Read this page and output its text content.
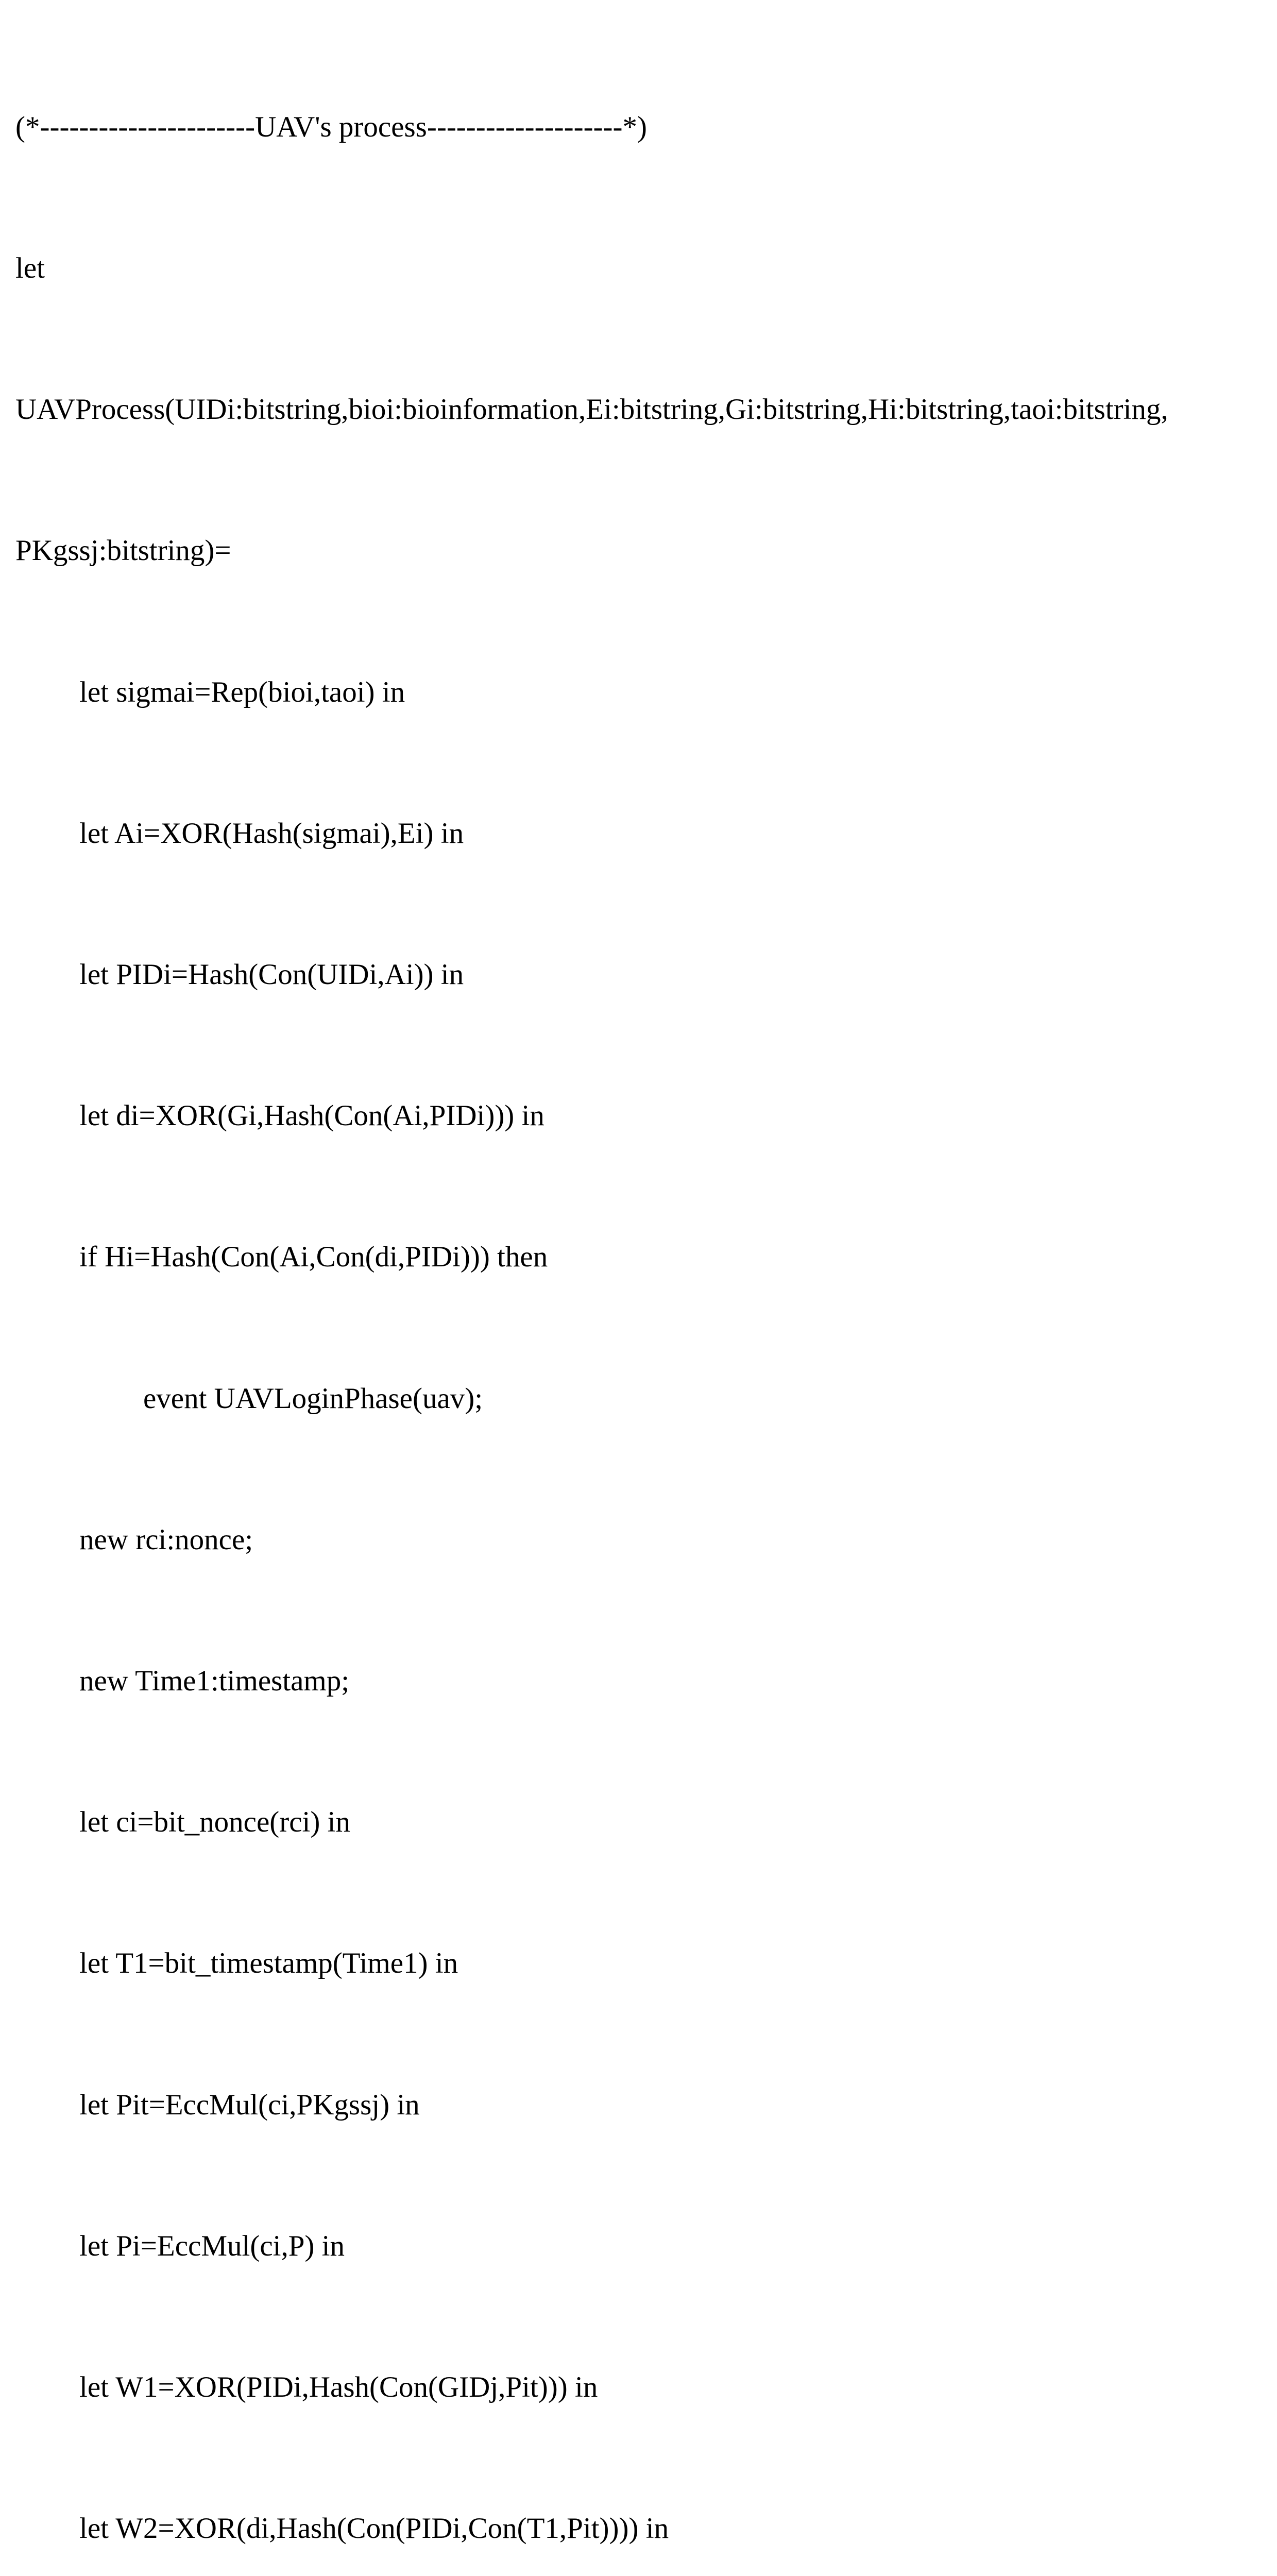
(*----------------------UAV's process--------------------*)

let

UAVProcess(UIDi:bitstring,bioi:bioinformation,Ei:bitstring,Gi:bitstring,Hi:bitstring,taoi:bitstring,

PKgssj:bitstring)=

let sigmai=Rep(bioi,taoi) in

let Ai=XOR(Hash(sigmai),Ei) in

let PIDi=Hash(Con(UIDi,Ai)) in

let di=XOR(Gi,Hash(Con(Ai,PIDi))) in

if Hi=Hash(Con(Ai,Con(di,PIDi))) then

event UAVLoginPhase(uav);

new rci:nonce;

new Time1:timestamp;

let ci=bit_nonce(rci) in

let T1=bit_timestamp(Time1) in

let Pit=EccMul(ci,PKgssj) in

let Pi=EccMul(ci,P) in

let W1=XOR(PIDi,Hash(Con(GIDj,Pit))) in

let W2=XOR(di,Hash(Con(PIDi,Con(T1,Pit)))) in
